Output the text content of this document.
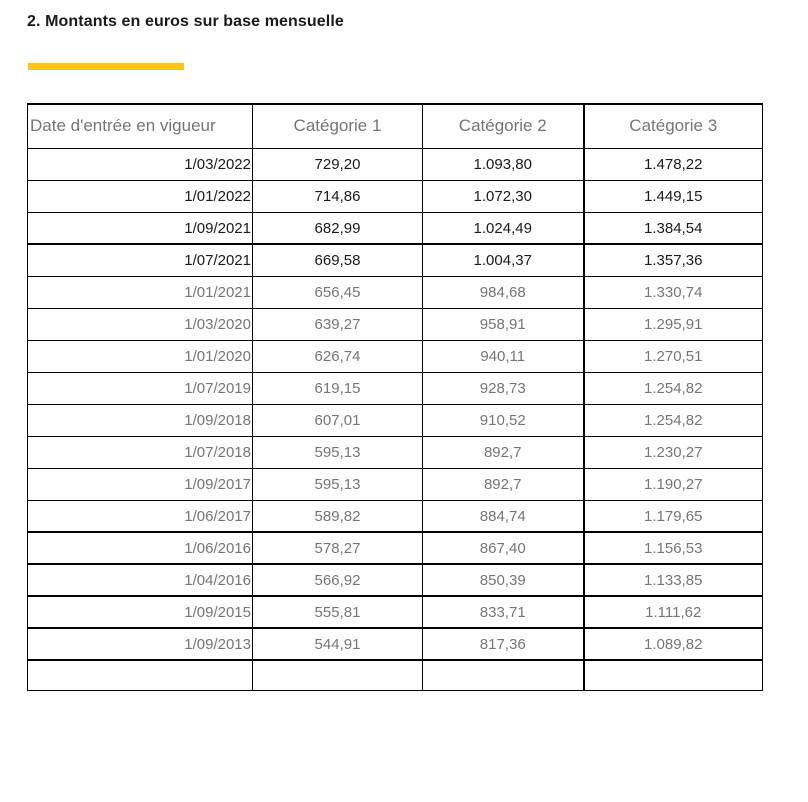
2. Montants en euros sur base mensuelle
Date d'entrée en vigueur	Catégorie 1	Catégorie 2	Catégorie 3
1/03/2022	729,20	1.093,80	1.478,22
1/01/2022	714,86	1.072,30	1.449,15
1/09/2021	682,99	1.024,49	1.384,54
1/07/2021	669,58	1.004,37	1.357,36
1/01/2021	656,45	984,68	1.330,74
1/03/2020	639,27	958,91	1.295,91
1/01/2020	626,74	940,11	1.270,51
1/07/2019	619,15	928,73	1.254,82
1/09/2018	607,01	910,52	1.254,82
1/07/2018	595,13	892,7	1.230,27
1/09/2017	595,13	892,7	1.190,27
1/06/2017	589,82	884,74	1.179,65
1/06/2016	578,27	867,40	1.156,53
1/04/2016	566,92	850,39	1.133,85
1/09/2015	555,81	833,71	1.111,62
1/09/2013	544,91	817,36	1.089,82
